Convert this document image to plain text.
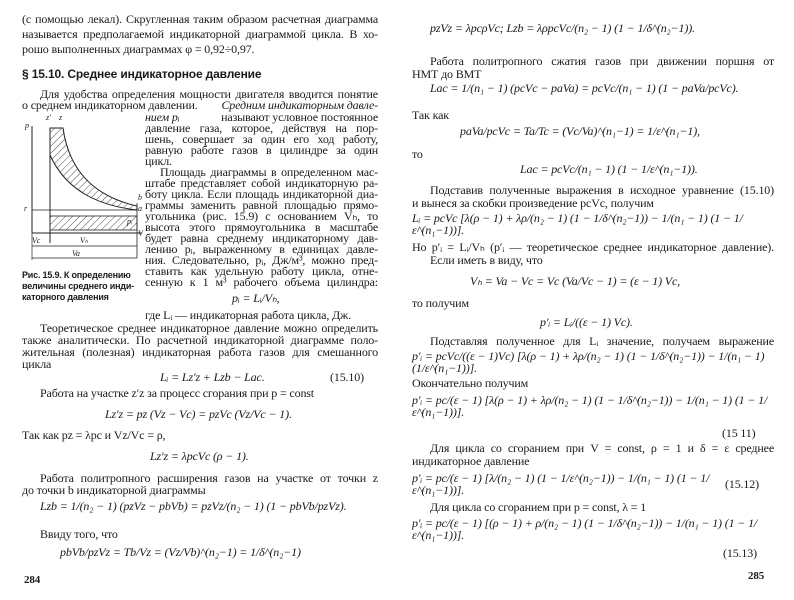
(с помощью лекал). Скругленная таким образом расчетная диаграмма
называется предполагаемой индикаторной диаграммой цикла. В хо-
рошо выполненных диаграммах φ = 0,92÷0,97.
§ 15.10. Среднее индикаторное давление
Для удобства определения мощности двигателя вводится понятие
о среднем индикаторном давлении. Средним индикаторным давле-
нием pᵢ	называют условное постоянное
давление газа, которое, действуя на пор-
шень, совершает за один его ход работу,
равную работе газов в цилиндре за один
цикл.
Площадь диаграммы в определенном мас-
штабе представляет собой индикаторную ра-
боту цикла. Если площадь индикаторной диа-
граммы заменить равной площадью прямо-
угольника (рис. 15.9) с основанием Vₕ, то
высота этого прямоугольника в масштабе
будет равна среднему индикаторному дав-
лению pᵢ, выраженному в единицах давле-
ния. Следовательно, pᵢ, Дж/м³, можно пред-
ставить как удельную работу цикла, отне-
сенную к 1 м³ рабочего объема цилиндра:
pᵢ = Lᵢ/Vₕ,
где Lᵢ — индикаторная работа цикла, Дж.
Теоретическое среднее индикаторное давление можно определить
также аналитически. По расчетной индикаторной диаграмме поло-
жительная (полезная) индикаторная работа газов для смешанного
цикла
Lᵢ = Lz′z + Lzb − Lac.	(15.10)
Работа на участке z′z за процесс сгорания при p = const
Lz′z = pz (Vz − Vc) = pzVc (Vz/Vc − 1).
Так как pz = λpc и Vz/Vc = ρ,
Lz′z = λpcVc (ρ − 1).
Работа политропного расширения газов на участке от точки z
до точки b индикаторной диаграммы
Lzb = 1/(n₂ − 1) (pzVz − pbVb) = pzVz/(n₂ − 1) (1 − pbVb/pzVz).
Ввиду того, что
pbVb/pzVz = Tb/Vz = (Vz/Vb)^(n₂−1) = 1/δ^(n₂−1)
284
p
z′ z
b
a
r
pᵢ
V
Vc	Vₕ
Va
Рис. 15.9. К определению
величины среднего инди-
каторного давления
pzVz = λpcρVc; Lzb = λρpcVc/(n₂ − 1) (1 − 1/δ^(n₂−1)).
Работа политропного сжатия газов при движении поршня от
НМТ до ВМТ
Lac = 1/(n₁ − 1) (pcVc − paVa) = pcVc/(n₁ − 1) (1 − paVa/pcVc).
Так как
paVa/pcVc = Ta/Tc = (Vc/Va)^(n₁−1) = 1/ε^(n₁−1),
то
Lac = pcVc/(n₁ − 1) (1 − 1/ε^(n₁−1)).
Подставив полученные выражения в исходное уравнение (15.10)
и вынеся за скобки произведение pcVc, получим
Lᵢ = pcVc [λ(ρ − 1) + λρ/(n₂ − 1) (1 − 1/δ^(n₂−1)) − 1/(n₁ − 1) (1 − 1/ε^(n₁−1))].
Но p′ᵢ = Lᵢ/Vₕ (p′ᵢ — теоретическое среднее индикаторное давление).
Если иметь в виду, что
Vₕ = Va − Vc = Vc (Va/Vc − 1) = (ε − 1) Vc,
то получим
p′ᵢ = Lᵢ/((ε − 1) Vc).
Подставляя полученное для Lᵢ значение, получаем выражение
p′ᵢ = pcVc/((ε − 1)Vc) [λ(ρ − 1) + λρ/(n₂ − 1) (1 − 1/δ^(n₂−1)) − 1/(n₁ − 1) (1/ε^(n₁−1))].
Окончательно получим
p′ᵢ = pc/(ε − 1) [λ(ρ − 1) + λρ/(n₂ − 1) (1 − 1/δ^(n₂−1)) − 1/(n₁ − 1) (1 − 1/ε^(n₁−1))].
(15 11)
Для цикла со сгоранием при V = const, ρ = 1 и δ = ε среднее
индикаторное давление
p′ᵢ = pc/(ε − 1) [λ/(n₂ − 1) (1 − 1/ε^(n₂−1)) − 1/(n₁ − 1) (1 − 1/ε^(n₁−1))].	(15.12)
Для цикла со сгоранием при p = const, λ = 1
p′ᵢ = pc/(ε − 1) [(ρ − 1) + ρ/(n₂ − 1) (1 − 1/δ^(n₂−1)) − 1/(n₁ − 1) (1 − 1/ε^(n₁−1))].
(15.13)
285
